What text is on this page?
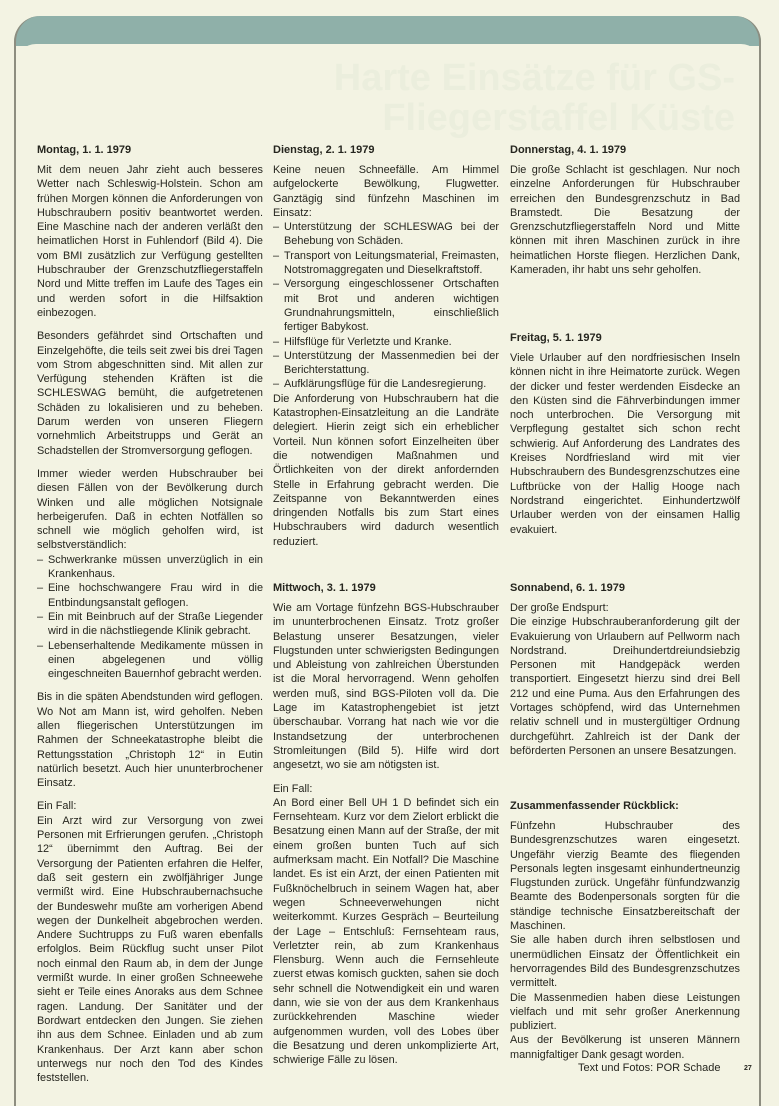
Harte Einsätze für GS-Fliegerstaffel Küste
Montag, 1. 1. 1979

Mit dem neuen Jahr zieht auch besseres Wetter nach Schleswig-Holstein. Schon am frühen Morgen können die Anforderungen von Hubschraubern positiv beantwortet werden. Eine Maschine nach der anderen verläßt den heimatlichen Horst in Fuhlendorf (Bild 4). Die vom BMI zusätzlich zur Verfügung gestellten Hubschrauber der Grenzschutzfliegerstaffeln Nord und Mitte treffen im Laufe des Tages ein und werden sofort in die Hilfsaktion einbezogen.

Besonders gefährdet sind Ortschaften und Einzelgehöfte, die teils seit zwei bis drei Tagen vom Strom abgeschnitten sind. Mit allen zur Verfügung stehenden Kräften ist die SCHLESWAG bemüht, die aufgetretenen Schäden zu lokalisieren und zu beheben. Darum werden von unseren Fliegern vornehmlich Arbeitstrupps und Gerät an Schadstellen der Stromversorgung geflogen.

Immer wieder werden Hubschrauber bei diesen Fällen von der Bevölkerung durch Winken und alle möglichen Notsignale herbeigerufen. Daß in echten Notfällen so schnell wie möglich geholfen wird, ist selbstverständlich:

– Schwerkranke müssen unverzüglich in ein Krankenhaus.
– Eine hochschwangere Frau wird in die Entbindungsanstalt geflogen.
– Ein mit Beinbruch auf der Straße Liegender wird in die nächstliegende Klinik gebracht.
– Lebenserhaltende Medikamente müssen in einen abgelegenen und völlig eingeschneiten Bauernhof gebracht werden.

Bis in die späten Abendstunden wird geflogen. Wo Not am Mann ist, wird geholfen. Neben allen fliegerischen Unterstützungen im Rahmen der Schneekatastrophe bleibt die Rettungsstation „Christoph 12“ in Eutin natürlich besetzt. Auch hier ununterbrochener Einsatz.

Ein Fall:

Ein Arzt wird zur Versorgung von zwei Personen mit Erfrierungen gerufen. „Christoph 12“ übernimmt den Auftrag. Bei der Versorgung der Patienten erfahren die Helfer, daß seit gestern ein zwölfjähriger Junge vermißt wird. Eine Hubschraubernachsuche der Bundeswehr mußte am vorherigen Abend wegen der Dunkelheit abgebrochen werden. Andere Suchtrupps zu Fuß waren ebenfalls erfolglos. Beim Rückflug sucht unser Pilot noch einmal den Raum ab, in dem der Junge vermißt wurde. In einer großen Schneewehe sieht er Teile eines Anoraks aus dem Schnee ragen. Landung. Der Sanitäter und der Bordwart entdecken den Jungen. Sie ziehen ihn aus dem Schnee. Einladen und ab zum Krankenhaus. Der Arzt kann aber schon unterwegs nur noch den Tod des Kindes feststellen.

Dienstag, 2. 1. 1979

Keine neuen Schneefälle. Am Himmel aufgelockerte Bewölkung, Flugwetter. Ganztägig sind fünfzehn Maschinen im Einsatz:

– Unterstützung der SCHLESWAG bei der Behebung von Schäden.
– Transport von Leitungsmaterial, Freimasten, Notstromaggregaten und Dieselkraftstoff.
– Versorgung eingeschlossener Ortschaften mit Brot und anderen wichtigen Grundnahrungsmitteln, einschließlich fertiger Babykost.
– Hilfsflüge für Verletzte und Kranke.
– Unterstützung der Massenmedien bei der Berichterstattung.
– Aufklärungsflüge für die Landesregierung.

Die Anforderung von Hubschraubern hat die Katastrophen-Einsatzleitung an die Landräte delegiert. Hierin zeigt sich ein erheblicher Vorteil. Nun können sofort Einzelheiten über die notwendigen Maßnahmen und Örtlichkeiten von der direkt anfordernden Stelle in Erfahrung gebracht werden. Die Zeitspanne von Bekanntwerden eines dringenden Notfalls bis zum Start eines Hubschraubers wird dadurch wesentlich reduziert.

Mittwoch, 3. 1. 1979

Wie am Vortage fünfzehn BGS-Hubschrauber im ununterbrochenen Einsatz. Trotz großer Belastung unserer Besatzungen, vieler Flugstunden unter schwierigsten Bedingungen und Ableistung von zahlreichen Überstunden ist die Moral hervorragend. Wenn geholfen werden muß, sind BGS-Piloten voll da. Die Lage im Katastrophengebiet ist jetzt überschaubar. Vorrang hat nach wie vor die Instandsetzung der unterbrochenen Stromleitungen (Bild 5). Hilfe wird dort angesetzt, wo sie am nötigsten ist.

Ein Fall:

An Bord einer Bell UH 1 D befindet sich ein Fernsehteam. Kurz vor dem Zielort erblickt die Besatzung einen Mann auf der Straße, der mit einem großen bunten Tuch auf sich aufmerksam macht. Ein Notfall? Die Maschine landet. Es ist ein Arzt, der einen Patienten mit Fußknöchelbruch in seinem Wagen hat, aber wegen Schneeverwehungen nicht weiterkommt. Kurzes Gespräch – Beurteilung der Lage – Entschluß: Fernsehteam raus, Verletzter rein, ab zum Krankenhaus Flensburg. Wenn auch die Fernsehleute zuerst etwas komisch guckten, sahen sie doch sehr schnell die Notwendigkeit ein und waren dann, wie sie von der aus dem Krankenhaus zurückkehrenden Maschine wieder aufgenommen wurden, voll des Lobes über die Besatzung und deren unkomplizierte Art, schwierige Fälle zu lösen.

Donnerstag, 4. 1. 1979

Die große Schlacht ist geschlagen. Nur noch einzelne Anforderungen für Hubschrauber erreichen den Bundesgrenzschutz in Bad Bramstedt. Die Besatzung der Grenzschutzfliegerstaffeln Nord und Mitte können mit ihren Maschinen zurück in ihre heimatlichen Horste fliegen. Herzlichen Dank, Kameraden, ihr habt uns sehr geholfen.

Freitag, 5. 1. 1979

Viele Urlauber auf den nordfriesischen Inseln können nicht in ihre Heimatorte zurück. Wegen der dicker und fester werdenden Eisdecke an den Küsten sind die Fährverbindungen immer noch unterbrochen. Die Versorgung mit Verpflegung gestaltet sich schon recht schwierig. Auf Anforderung des Landrates des Kreises Nordfriesland wird mit vier Hubschraubern des Bundesgrenzschutzes eine Luftbrücke von der Hallig Hooge nach Nordstrand eingerichtet. Einhundertzwölf Urlauber werden von der einsamen Hallig evakuiert.

Sonnabend, 6. 1. 1979

Der große Endspurt:

Die einzige Hubschrauberanforderung gilt der Evakuierung von Urlaubern auf Pellworm nach Nordstrand. Dreihundertdreiundsiebzig Personen mit Handgepäck werden transportiert. Eingesetzt hierzu sind drei Bell 212 und eine Puma. Aus den Erfahrungen des Vortages schöpfend, wird das Unternehmen relativ schnell und in mustergültiger Ordnung durchgeführt. Zahlreich ist der Dank der beförderten Personen an unsere Besatzungen.

Zusammenfassender Rückblick:

Fünfzehn Hubschrauber des Bundesgrenzschutzes waren eingesetzt. Ungefähr vierzig Beamte des fliegenden Personals legten insgesamt einhundertneunzig Flugstunden zurück. Ungefähr fünfundzwanzig Beamte des Bodenpersonals sorgten für die ständige technische Einsatzbereitschaft der Maschinen.

Sie alle haben durch ihren selbstlosen und unermüdlichen Einsatz der Öffentlichkeit ein hervorragendes Bild des Bundesgrenzschutzes vermittelt.

Die Massenmedien haben diese Leistungen vielfach und mit sehr großer Anerkennung publiziert.

Aus der Bevölkerung ist unseren Männern mannigfaltiger Dank gesagt worden.

Text und Fotos: POR Schade	27
